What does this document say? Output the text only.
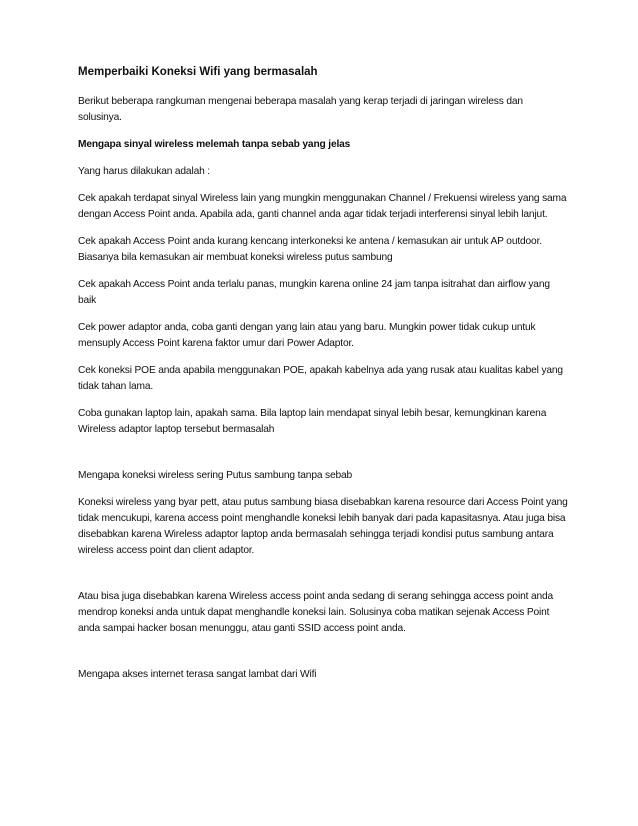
Memperbaiki Koneksi Wifi yang bermasalah

Berikut beberapa rangkuman mengenai beberapa masalah yang kerap terjadi di jaringan wireless dan solusinya.

Mengapa sinyal wireless melemah tanpa sebab yang jelas

Yang harus dilakukan adalah :

Cek apakah terdapat sinyal Wireless lain yang mungkin menggunakan Channel / Frekuensi wireless yang sama dengan Access Point anda. Apabila ada, ganti channel anda agar tidak terjadi interferensi sinyal lebih lanjut.

Cek apakah Access Point anda kurang kencang interkoneksi ke antena / kemasukan air untuk AP outdoor. Biasanya bila kemasukan air membuat koneksi wireless putus sambung

Cek apakah Access Point anda terlalu panas, mungkin karena online 24 jam tanpa isitrahat dan airflow yang baik

Cek power adaptor anda, coba ganti dengan yang lain atau yang baru. Mungkin power tidak cukup untuk mensuply Access Point karena faktor umur dari Power Adaptor.

Cek koneksi POE anda apabila menggunakan POE, apakah kabelnya ada yang rusak atau kualitas kabel yang tidak tahan lama.

Coba gunakan laptop lain, apakah sama. Bila laptop lain mendapat sinyal lebih besar, kemungkinan karena Wireless adaptor laptop tersebut bermasalah

Mengapa koneksi wireless sering Putus sambung tanpa sebab

Koneksi wireless yang byar pett, atau putus sambung biasa disebabkan karena resource dari Access Point yang tidak mencukupi, karena access point menghandle koneksi lebih banyak dari pada kapasitasnya. Atau juga bisa disebabkan karena Wireless adaptor laptop anda bermasalah sehingga terjadi kondisi putus sambung antara wireless access point dan client adaptor.

Atau bisa juga disebabkan karena Wireless access point anda sedang di serang sehingga access point anda mendrop koneksi anda untuk dapat menghandle koneksi lain. Solusinya coba matikan sejenak Access Point anda sampai hacker bosan menunggu, atau ganti SSID access point anda.

Mengapa akses internet terasa sangat lambat dari Wifi
